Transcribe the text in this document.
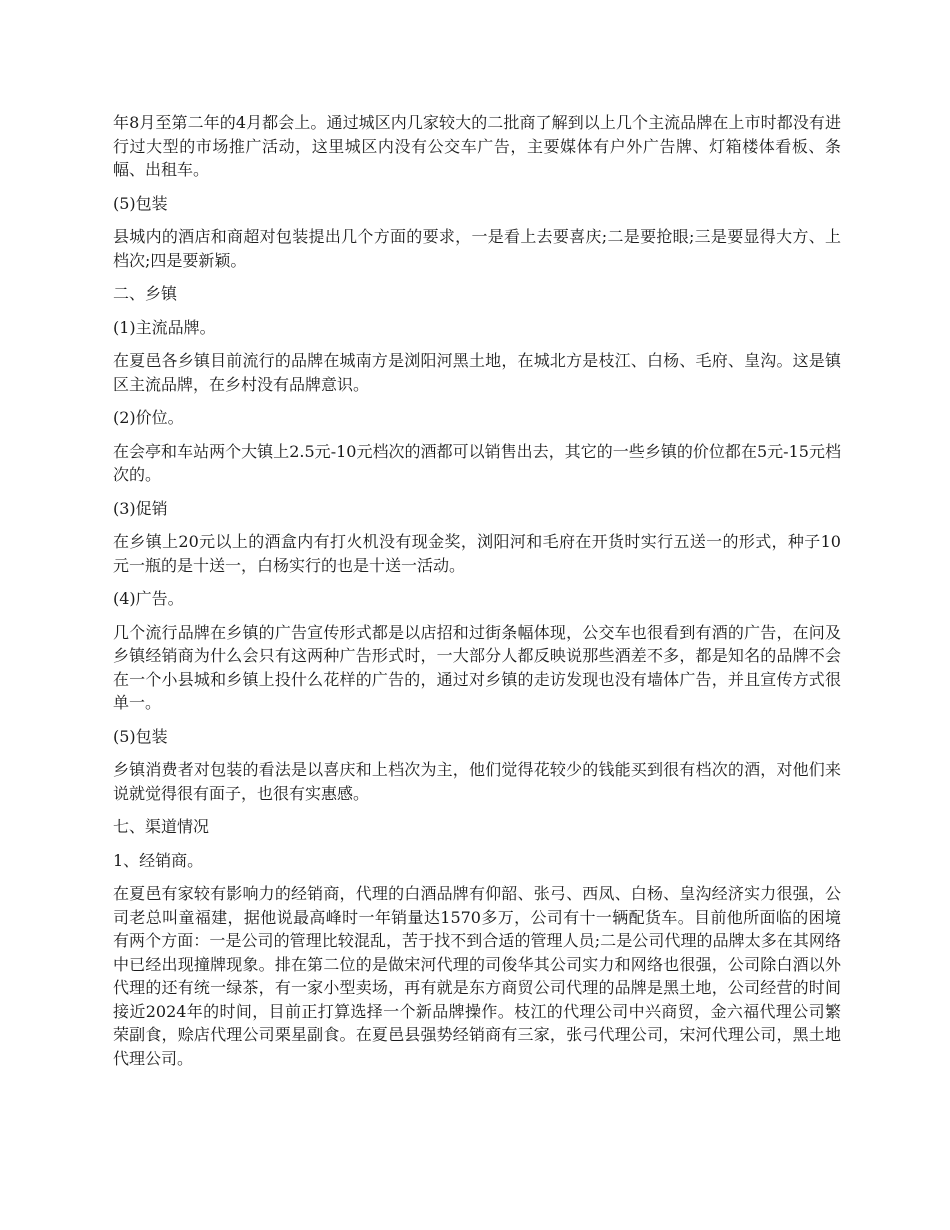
年8月至第二年的4月都会上。通过城区内几家较大的二批商了解到以上几个主流品牌在上市时都没有进行过大型的市场推广活动，这里城区内没有公交车广告，主要媒体有户外广告牌、灯箱楼体看板、条幅、出租车。

(5)包装

县城内的酒店和商超对包装提出几个方面的要求，一是看上去要喜庆;二是要抢眼;三是要显得大方、上档次;四是要新颖。

二、乡镇

(1)主流品牌。

在夏邑各乡镇目前流行的品牌在城南方是浏阳河黑土地，在城北方是枝江、白杨、毛府、皇沟。这是镇区主流品牌，在乡村没有品牌意识。

(2)价位。

在会亭和车站两个大镇上2.5元-10元档次的酒都可以销售出去，其它的一些乡镇的价位都在5元-15元档次的。

(3)促销

在乡镇上20元以上的酒盒内有打火机没有现金奖，浏阳河和毛府在开货时实行五送一的形式，种子10元一瓶的是十送一，白杨实行的也是十送一活动。

(4)广告。

几个流行品牌在乡镇的广告宣传形式都是以店招和过街条幅体现，公交车也很看到有酒的广告，在问及乡镇经销商为什么会只有这两种广告形式时，一大部分人都反映说那些酒差不多，都是知名的品牌不会在一个小县城和乡镇上投什么花样的广告的，通过对乡镇的走访发现也没有墙体广告，并且宣传方式很单一。

(5)包装

乡镇消费者对包装的看法是以喜庆和上档次为主，他们觉得花较少的钱能买到很有档次的酒，对他们来说就觉得很有面子，也很有实惠感。

七、渠道情况

1、经销商。

在夏邑有家较有影响力的经销商，代理的白酒品牌有仰韶、张弓、西凤、白杨、皇沟经济实力很强，公司老总叫童福建，据他说最高峰时一年销量达1570多万，公司有十一辆配货车。目前他所面临的困境有两个方面：一是公司的管理比较混乱，苦于找不到合适的管理人员;二是公司代理的品牌太多在其网络中已经出现撞牌现象。排在第二位的是做宋河代理的司俊华其公司实力和网络也很强，公司除白酒以外代理的还有统一绿茶，有一家小型卖场，再有就是东方商贸公司代理的品牌是黑土地，公司经营的时间接近2024年的时间，目前正打算选择一个新品牌操作。枝江的代理公司中兴商贸，金六福代理公司繁荣副食，赊店代理公司栗星副食。在夏邑县强势经销商有三家，张弓代理公司，宋河代理公司，黑土地代理公司。
